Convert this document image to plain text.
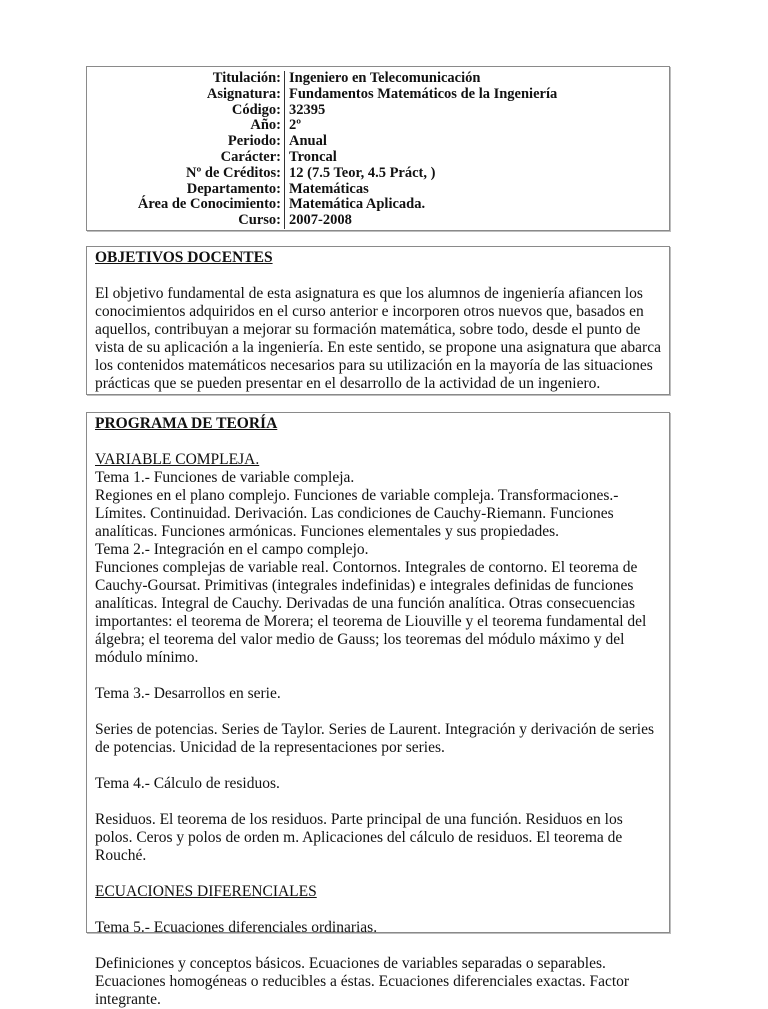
Titulación:	Ingeniero en Telecomunicación
Asignatura:	Fundamentos Matemáticos de la Ingeniería
Código:	32395
Año:	2º
Periodo:	Anual
Carácter:	Troncal
Nº de Créditos:	12 (7.5 Teor, 4.5 Práct, )
Departamento:	Matemáticas
Área de Conocimiento:	Matemática Aplicada.
Curso:	2007-2008

OBJETIVOS DOCENTES

El objetivo fundamental de esta asignatura es que los alumnos de ingeniería afiancen los conocimientos adquiridos en el curso anterior e incorporen otros nuevos que, basados en aquellos, contribuyan a mejorar su formación matemática, sobre todo, desde el punto de vista de su aplicación a la ingeniería. En este sentido, se propone una asignatura que abarca los contenidos matemáticos necesarios para su utilización en la mayoría de las situaciones prácticas que se pueden presentar en el desarrollo de la actividad de un ingeniero.

PROGRAMA DE TEORÍA

VARIABLE COMPLEJA.

Tema 1.- Funciones de variable compleja.

Regiones en el plano complejo. Funciones de variable compleja. Transformaciones.- Límites. Continuidad. Derivación. Las condiciones de Cauchy-Riemann. Funciones analíticas. Funciones armónicas. Funciones elementales y sus propiedades.

Tema 2.- Integración en el campo complejo.

Funciones complejas de variable real. Contornos. Integrales de contorno. El teorema de Cauchy-Goursat. Primitivas (integrales indefinidas) e integrales definidas de funciones analíticas. Integral de Cauchy. Derivadas de una función analítica. Otras consecuencias importantes: el teorema de Morera; el teorema de Liouville y el teorema fundamental del álgebra; el teorema del valor medio de Gauss; los teoremas del módulo máximo y del módulo mínimo.

Tema 3.- Desarrollos en serie.

Series de potencias. Series de Taylor. Series de Laurent. Integración y derivación de series de potencias. Unicidad de la representaciones por series.

Tema 4.- Cálculo de residuos.

Residuos. El teorema de los residuos. Parte principal de una función. Residuos en los polos. Ceros y polos de orden m. Aplicaciones del cálculo de residuos. El teorema de Rouché.

ECUACIONES DIFERENCIALES

Tema 5.- Ecuaciones diferenciales ordinarias.

Definiciones y conceptos básicos. Ecuaciones de variables separadas o separables. Ecuaciones homogéneas o reducibles a éstas. Ecuaciones diferenciales exactas. Factor integrante.
